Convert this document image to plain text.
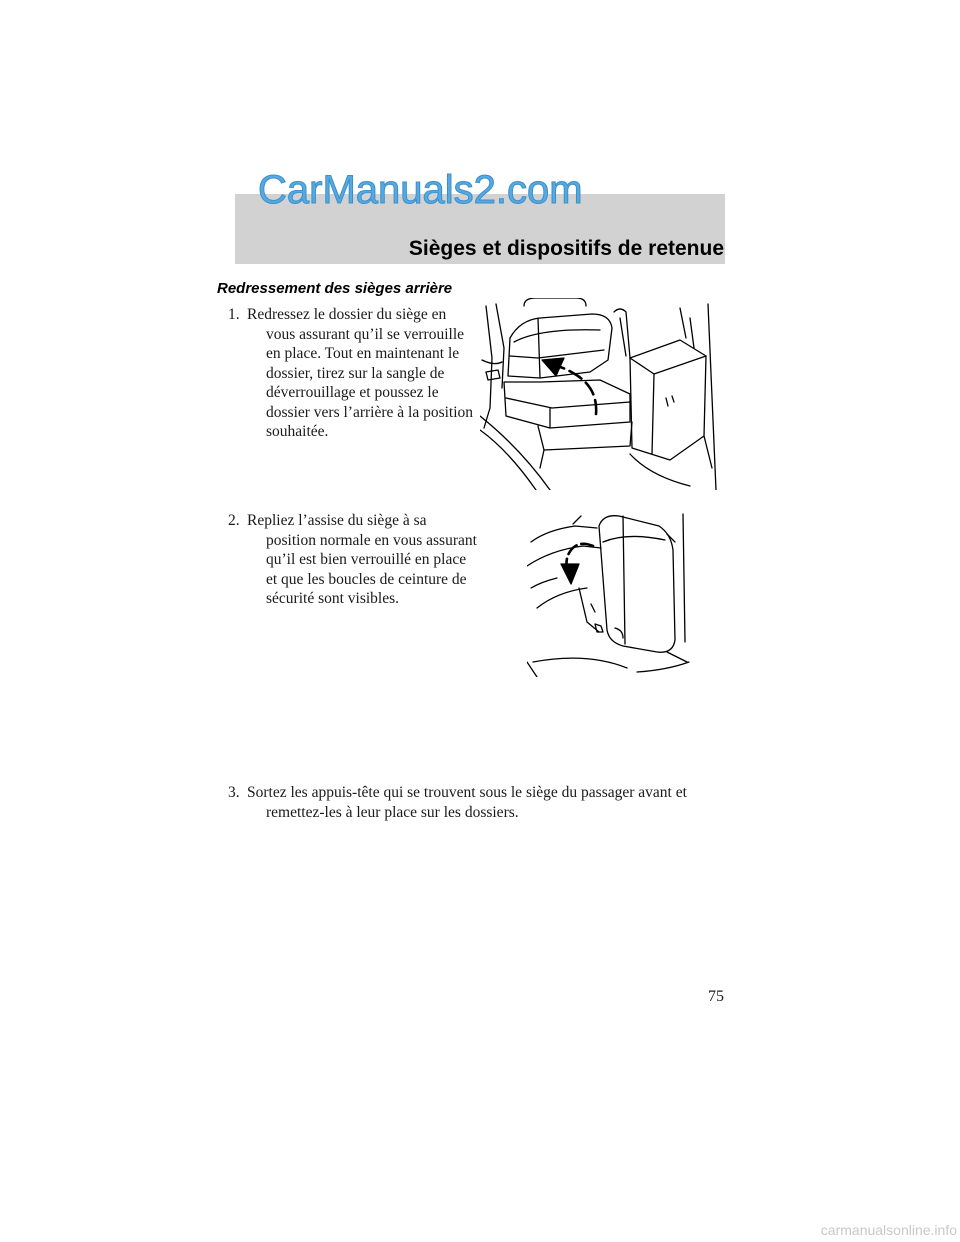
CarManuals2.com
Sièges et dispositifs de retenue
Redressement des sièges arrière
1. Redressez le dossier du siège en vous assurant qu’il se verrouille en place. Tout en maintenant le dossier, tirez sur la sangle de déverrouillage et poussez le dossier vers l’arrière à la position souhaitée.
2. Repliez l’assise du siège à sa position normale en vous assurant qu’il est bien verrouillé en place et que les boucles de ceinture de sécurité sont visibles.
3. Sortez les appuis-tête qui se trouvent sous le siège du passager avant et remettez-les à leur place sur les dossiers.
75
carmanualsonline.info
